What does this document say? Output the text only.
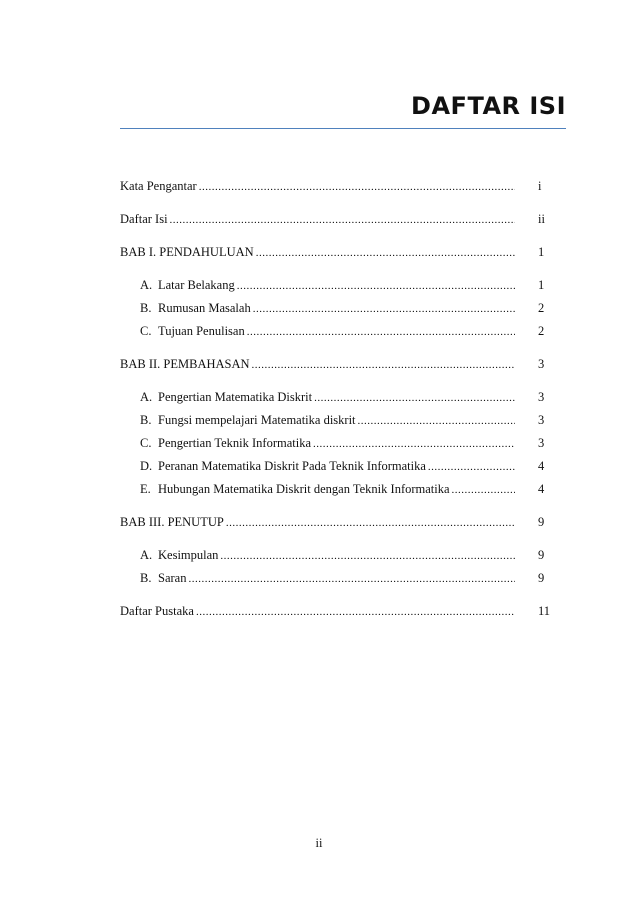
DAFTAR ISI
Kata Pengantar .....	i
Daftar Isi .....	ii
BAB I. PENDAHULUAN .....	1
A. Latar Belakang .....	1
B. Rumusan Masalah .....	2
C. Tujuan Penulisan .....	2
BAB II. PEMBAHASAN .....	3
A. Pengertian Matematika Diskrit .....	3
B. Fungsi mempelajari Matematika diskrit .....	3
C. Pengertian Teknik Informatika .....	3
D. Peranan Matematika Diskrit Pada Teknik Informatika .....	4
E. Hubungan Matematika Diskrit dengan Teknik Informatika .....	4
BAB III. PENUTUP .....	9
A. Kesimpulan .....	9
B. Saran .....	9
Daftar Pustaka .....	11
ii
